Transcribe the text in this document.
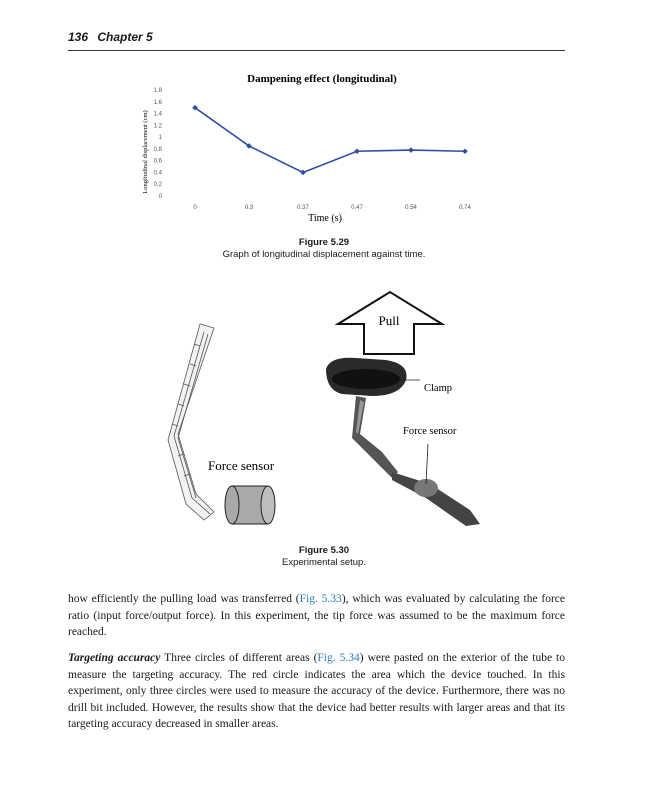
136 Chapter 5
Dampening effect (longitudinal)
Longitudinal displacement (cm)
0
0.2
0.4
0.6
0.8
1
1.2
1.4
1.6
1.8
0	0.3	0.37	0.47	0.54	0.74
Time (s)
Figure 5.29
Graph of longitudinal displacement against time.
Force sensor
Pull
Clamp
Force sensor
Figure 5.30
Experimental setup.

how efficiently the pulling load was transferred (Fig. 5.33), which was evaluated by calculating the force ratio (input force/output force). In this experiment, the tip force was assumed to be the maximum force reached.

Targeting accuracy Three circles of different areas (Fig. 5.34) were pasted on the exterior of the tube to measure the targeting accuracy. The red circle indicates the area which the device touched. In this experiment, only three circles were used to measure the accuracy of the device. Furthermore, there was no drill bit included. However, the results show that the device had better results with larger areas and that its targeting accuracy decreased in smaller areas.
